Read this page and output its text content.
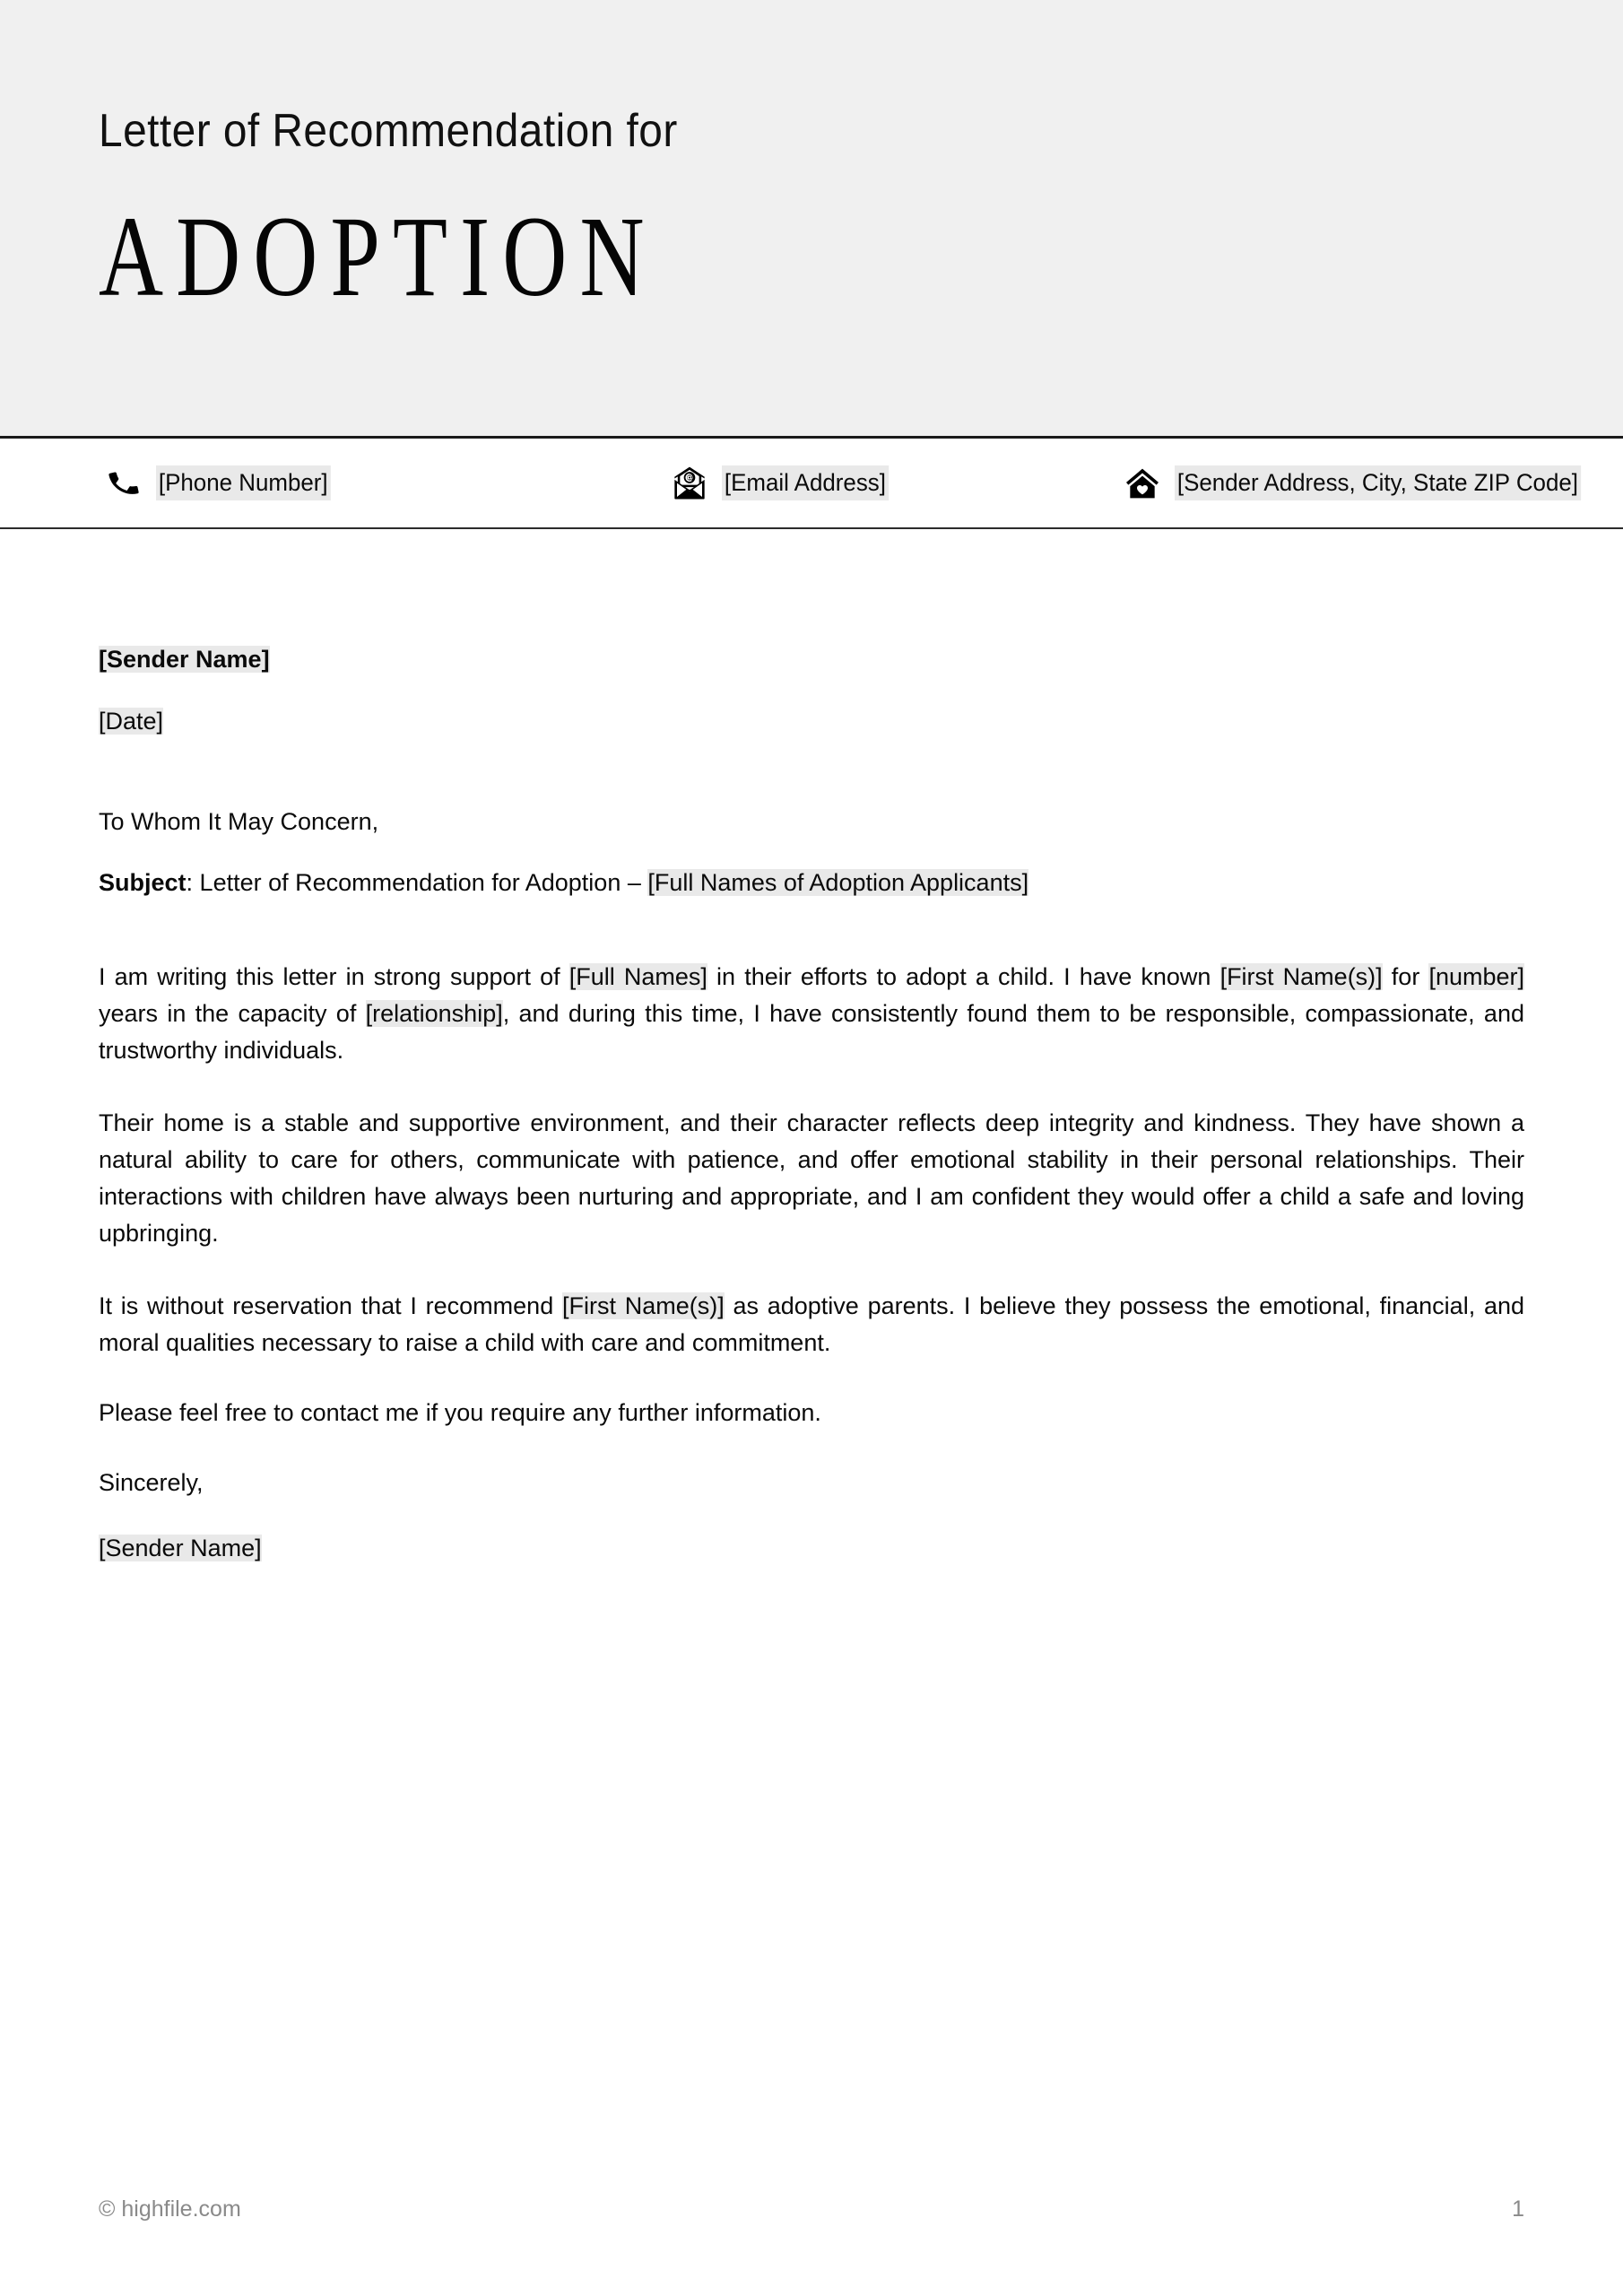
Letter of Recommendation for
ADOPTION
[Phone Number]	[Email Address]	[Sender Address, City, State ZIP Code]
[Sender Name]
[Date]
To Whom It May Concern,
Subject: Letter of Recommendation for Adoption – [Full Names of Adoption Applicants]
I am writing this letter in strong support of [Full Names] in their efforts to adopt a child. I have known [First Name(s)] for [number] years in the capacity of [relationship], and during this time, I have consistently found them to be responsible, compassionate, and trustworthy individuals.
Their home is a stable and supportive environment, and their character reflects deep integrity and kindness. They have shown a natural ability to care for others, communicate with patience, and offer emotional stability in their personal relationships. Their interactions with children have always been nurturing and appropriate, and I am confident they would offer a child a safe and loving upbringing.
It is without reservation that I recommend [First Name(s)] as adoptive parents. I believe they possess the emotional, financial, and moral qualities necessary to raise a child with care and commitment.
Please feel free to contact me if you require any further information.
Sincerely,
[Sender Name]
© highfile.com	1
